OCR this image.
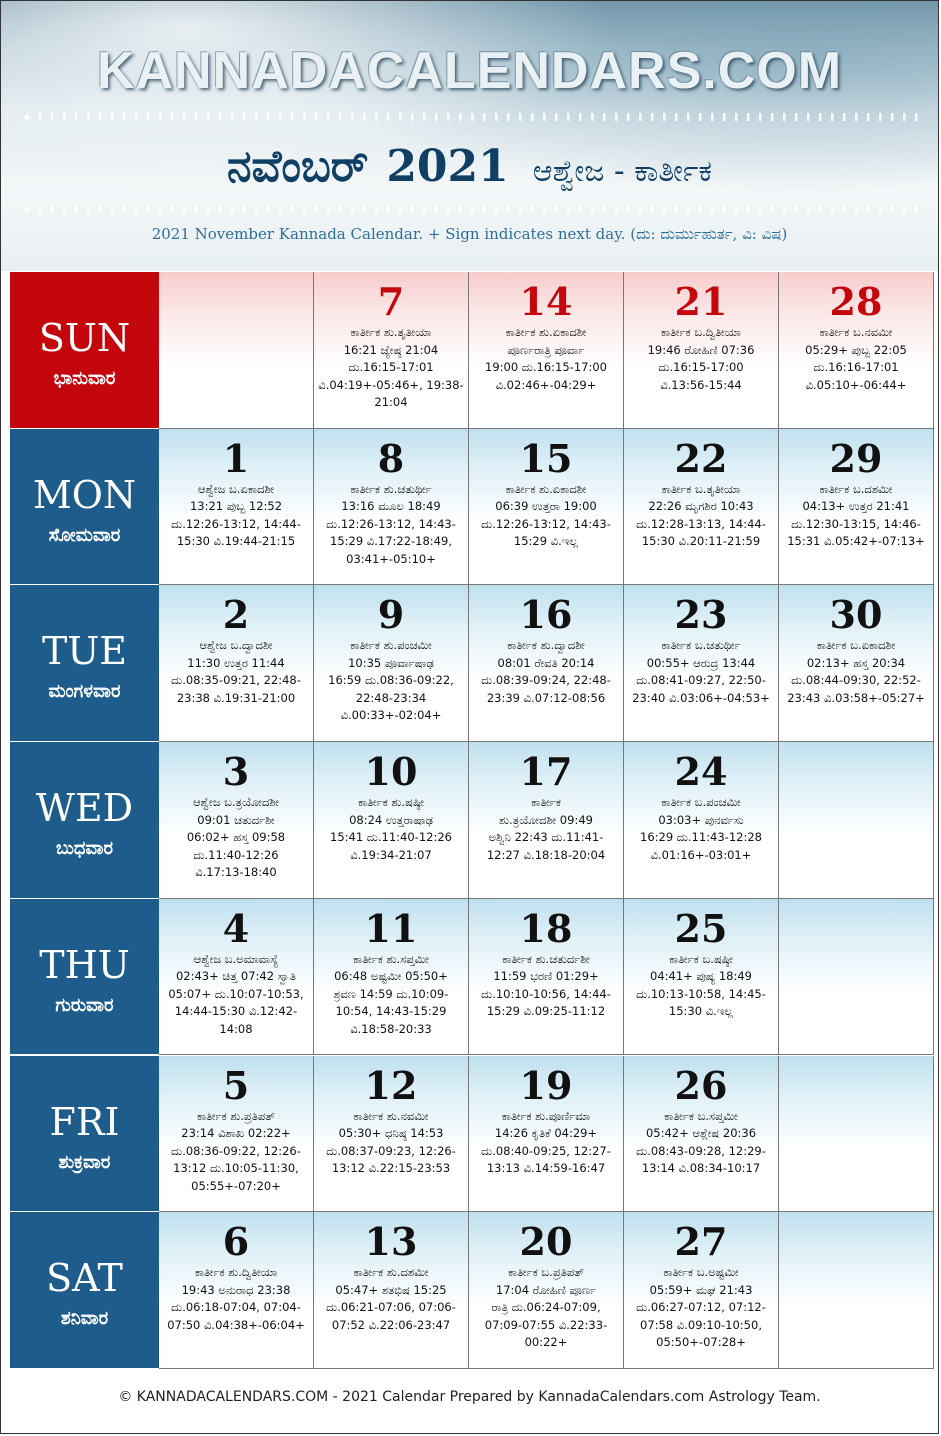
KANNADACALENDARS.COM
ನವೆಂಬರ್ 2021 ಆಶ್ವೇಜ - ಕಾರ್ತೀಕ
2021 November Kannada Calendar. + Sign indicates next day. (ದು: ದುರ್ಮುಹುರ್ತ, ವಿ: ವಿಷ)
SUN
ಭಾನುವಾರ
7
ಕಾರ್ತೀಕ ಶು.ತೃತೀಯಾ
16:21 ಜ್ಯೇಷ್ಠ 21:04
ದು.16:15-17:01
ವಿ.04:19+-05:46+, 19:38-
21:04
14
ಕಾರ್ತೀಕ ಶು.ಏಕಾದಶೀ
ಪೂರ್ಣರಾತ್ರಿ ಪೂರ್ವಾ
19:00 ದು.16:15-17:00
ವಿ.02:46+-04:29+
21
ಕಾರ್ತೀಕ ಬ.ದ್ವಿತೀಯಾ
19:46 ರೋಹಿಣಿ 07:36
ದು.16:15-17:00
ವಿ.13:56-15:44
28
ಕಾರ್ತೀಕ ಬ.ನವಮೀ
05:29+ ಪುಬ್ಬ 22:05
ದು.16:16-17:01
ವಿ.05:10+-06:44+
MON
ಸೋಮವಾರ
1
ಆಶ್ವೇಜ ಬ.ಏಕಾದಶೀ
13:21 ಪುಬ್ಬ 12:52
ದು.12:26-13:12, 14:44-
15:30 ವಿ.19:44-21:15
8
ಕಾರ್ತೀಕ ಶು.ಚತುರ್ಥೀ
13:16 ಮೂಲ 18:49
ದು.12:26-13:12, 14:43-
15:29 ವಿ.17:22-18:49,
03:41+-05:10+
15
ಕಾರ್ತೀಕ ಶು.ಏಕಾದಶೀ
06:39 ಉತ್ತರಾ 19:00
ದು.12:26-13:12, 14:43-
15:29 ವಿ.ಇಲ್ಲ
22
ಕಾರ್ತೀಕ ಬ.ತೃತೀಯಾ
22:26 ಮೃಗಶಿರ 10:43
ದು.12:28-13:13, 14:44-
15:30 ವಿ.20:11-21:59
29
ಕಾರ್ತೀಕ ಬ.ದಶಮೀ
04:13+ ಉತ್ತರ 21:41
ದು.12:30-13:15, 14:46-
15:31 ವಿ.05:42+-07:13+
TUE
ಮಂಗಳವಾರ
2
ಆಶ್ವೇಜ ಬ.ದ್ವಾದಶೀ
11:30 ಉತ್ತರ 11:44
ದು.08:35-09:21, 22:48-
23:38 ವಿ.19:31-21:00
9
ಕಾರ್ತೀಕ ಶು.ಪಂಚಮೀ
10:35 ಪೂರ್ವಾಷಾಢ
16:59 ದು.08:36-09:22,
22:48-23:34
ವಿ.00:33+-02:04+
16
ಕಾರ್ತೀಕ ಶು.ದ್ವಾದಶೀ
08:01 ರೇವತಿ 20:14
ದು.08:39-09:24, 22:48-
23:39 ವಿ.07:12-08:56
23
ಕಾರ್ತೀಕ ಬ.ಚತುರ್ಥೀ
00:55+ ಆರುದ್ರ 13:44
ದು.08:41-09:27, 22:50-
23:40 ವಿ.03:06+-04:53+
30
ಕಾರ್ತೀಕ ಬ.ಏಕಾದಶೀ
02:13+ ಹಸ್ತ 20:34
ದು.08:44-09:30, 22:52-
23:43 ವಿ.03:58+-05:27+
WED
ಬುಧವಾರ
3
ಆಶ್ವೇಜ ಬ.ತ್ರಯೋದಶೀ
09:01 ಚತುರ್ದಶೀ
06:02+ ಹಸ್ತ 09:58
ದು.11:40-12:26
ವಿ.17:13-18:40
10
ಕಾರ್ತೀಕ ಶು.ಷಷ್ಠೀ
08:24 ಉತ್ತರಾಷಾಢ
15:41 ದು.11:40-12:26
ವಿ.19:34-21:07
17
ಕಾರ್ತೀಕ
ಶು.ತ್ರಯೋದಶೀ 09:49
ಅಶ್ವಿನಿ 22:43 ದು.11:41-
12:27 ವಿ.18:18-20:04
24
ಕಾರ್ತೀಕ ಬ.ಪಂಚಮೀ
03:03+ ಪುನರ್ವಸು
16:29 ದು.11:43-12:28
ವಿ.01:16+-03:01+
THU
ಗುರುವಾರ
4
ಆಶ್ವೇಜ ಬ.ಅಮಾವಾಸ್ಯೆ
02:43+ ಚಿತ್ತ 07:42 ಸ್ವಾತಿ
05:07+ ದು.10:07-10:53,
14:44-15:30 ವಿ.12:42-
14:08
11
ಕಾರ್ತೀಕ ಶು.ಸಪ್ತಮೀ
06:48 ಅಷ್ಟಮೀ 05:50+
ಶ್ರವಣ 14:59 ದು.10:09-
10:54, 14:43-15:29
ವಿ.18:58-20:33
18
ಕಾರ್ತೀಕ ಶು.ಚತುರ್ದಶೀ
11:59 ಭರಣಿ 01:29+
ದು.10:10-10:56, 14:44-
15:29 ವಿ.09:25-11:12
25
ಕಾರ್ತೀಕ ಬ.ಷಷ್ಠೀ
04:41+ ಪುಷ್ಯ 18:49
ದು.10:13-10:58, 14:45-
15:30 ವಿ.ಇಲ್ಲ
FRI
ಶುಕ್ರವಾರ
5
ಕಾರ್ತೀಕ ಶು.ಪ್ರತಿಪತ್
23:14 ವಿಶಾಖ 02:22+
ದು.08:36-09:22, 12:26-
13:12 ದು.10:05-11:30,
05:55+-07:20+
12
ಕಾರ್ತೀಕ ಶು.ನವಮೀ
05:30+ ಧನಿಷ್ಠ 14:53
ದು.08:37-09:23, 12:26-
13:12 ವಿ.22:15-23:53
19
ಕಾರ್ತೀಕ ಶು.ಪೂರ್ಣಿಮಾ
14:26 ಕೃತಿಕೆ 04:29+
ದು.08:40-09:25, 12:27-
13:13 ವಿ.14:59-16:47
26
ಕಾರ್ತೀಕ ಬ.ಸಪ್ತಮೀ
05:42+ ಆಶ್ಲೇಷ 20:36
ದು.08:43-09:28, 12:29-
13:14 ವಿ.08:34-10:17
SAT
ಶನಿವಾರ
6
ಕಾರ್ತೀಕ ಶು.ದ್ವಿತೀಯಾ
19:43 ಅನುರಾಧ 23:38
ದು.06:18-07:04, 07:04-
07:50 ವಿ.04:38+-06:04+
13
ಕಾರ್ತೀಕ ಶು.ದಶಮೀ
05:47+ ಶತಭಿಷ 15:25
ದು.06:21-07:06, 07:06-
07:52 ವಿ.22:06-23:47
20
ಕಾರ್ತೀಕ ಬ.ಪ್ರತಿಪತ್
17:04 ರೋಹಿಣಿ ಪೂರ್ಣ
ರಾತ್ರಿ ದು.06:24-07:09,
07:09-07:55 ವಿ.22:33-
00:22+
27
ಕಾರ್ತೀಕ ಬ.ಅಷ್ಟಮೀ
05:59+ ಮಘ 21:43
ದು.06:27-07:12, 07:12-
07:58 ವಿ.09:10-10:50,
05:50+-07:28+
© KANNADACALENDARS.COM - 2021 Calendar Prepared by KannadaCalendars.com Astrology Team.
